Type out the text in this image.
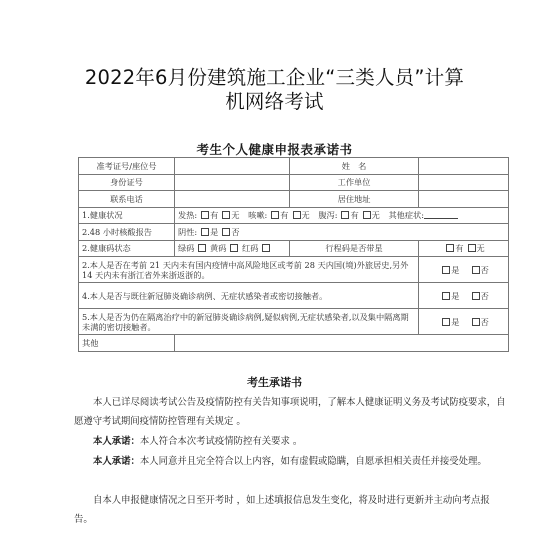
2022年6月份建筑施工企业“三类人员”计算
机网络考试
考生个人健康申报表承诺书
准考证号/座位号		姓　名	
身份证号		工作单位	
联系电话		居住地址	
1.健康状况	发热: 有 无 咳嗽: 有 无 腹泻: 有 无 其他症状:		
2.48 小时核酸报告	阴性: 是 否		
2.健康码状态	绿码 黄码 红码	行程码是否带星	有 无
2.本人是否在考前 21 天内未有国内疫情中高风险地区或考前 28 天内国(境)外旅居史,另外 14 天内未有浙江省外来浙返浙的。			是　 否
4.本人是否与既往新冠肺炎确诊病例、无症状感染者或密切接触者。			是　 否
5.本人是否为仍在隔离治疗中的新冠肺炎确诊病例,疑似病例,无症状感染者,以及集中隔离期未满的密切接触者。			是　 否
其他			
考生承诺书

本人已详尽阅读考试公告及疫情防控有关告知事项说明，了解本人健康证明义务及考试防疫要求，自愿遵守考试期间疫情防控管理有关规定 。

本人承诺：本人符合本次考试疫情防控有关要求 。

本人承诺：本人同意并且完全符合以上内容，如有虚假或隐瞒，自愿承担相关责任并接受处理。

自本人申报健康情况之日至开考时 ，如上述填报信息发生变化，将及时进行更新并主动向考点报告。
